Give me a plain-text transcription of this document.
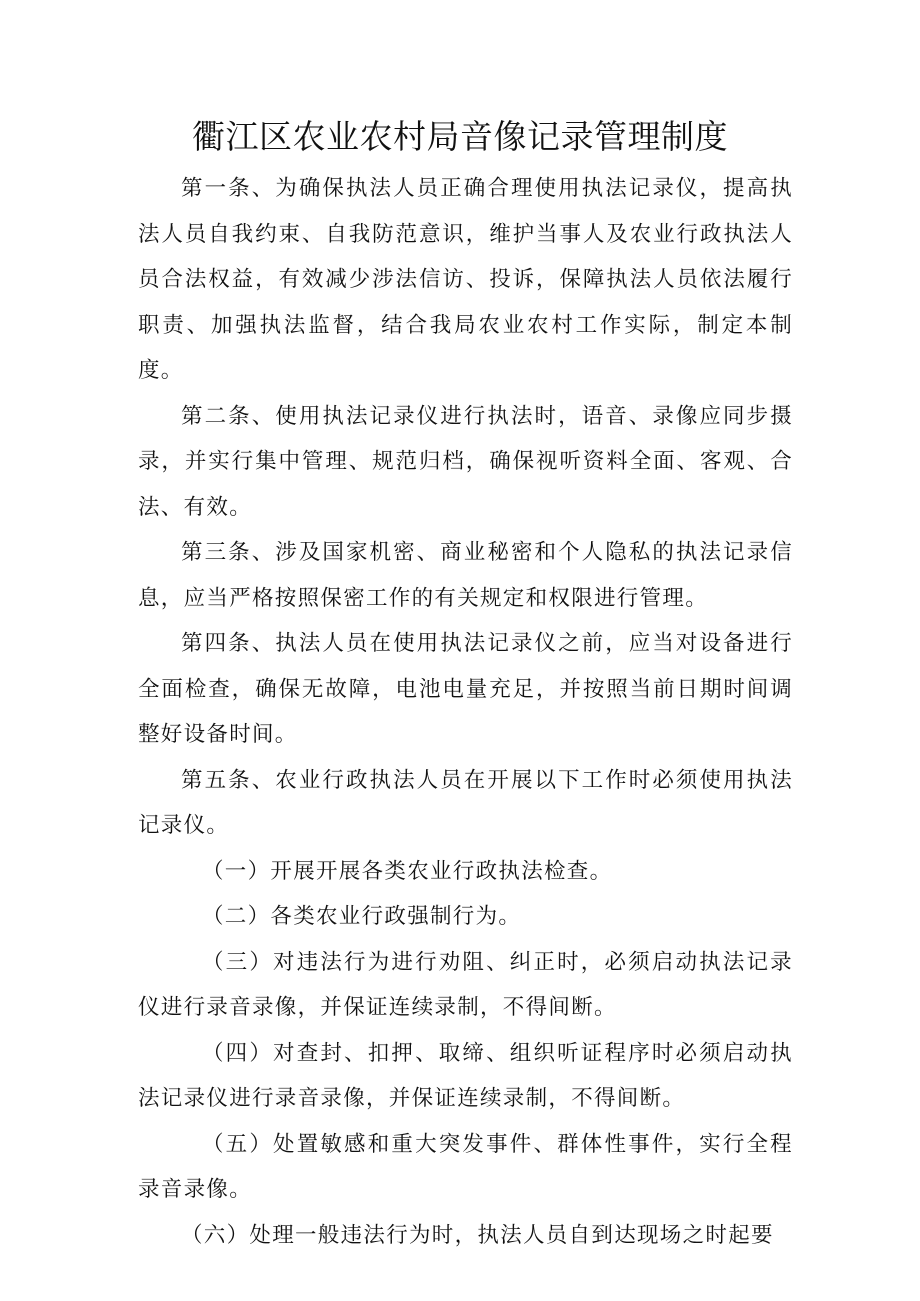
衢江区农业农村局音像记录管理制度

第一条、为确保执法人员正确合理使用执法记录仪，提高执法人员自我约束、自我防范意识，维护当事人及农业行政执法人员合法权益，有效减少涉法信访、投诉，保障执法人员依法履行职责、加强执法监督，结合我局农业农村工作实际，制定本制度。

第二条、使用执法记录仪进行执法时，语音、录像应同步摄录，并实行集中管理、规范归档，确保视听资料全面、客观、合法、有效。

第三条、涉及国家机密、商业秘密和个人隐私的执法记录信息，应当严格按照保密工作的有关规定和权限进行管理。

第四条、执法人员在使用执法记录仪之前，应当对设备进行全面检查，确保无故障，电池电量充足，并按照当前日期时间调整好设备时间。

第五条、农业行政执法人员在开展以下工作时必须使用执法记录仪。

（一）开展开展各类农业行政执法检查。

（二）各类农业行政强制行为。

（三）对违法行为进行劝阻、纠正时，必须启动执法记录仪进行录音录像，并保证连续录制，不得间断。

（四）对查封、扣押、取缔、组织听证程序时必须启动执法记录仪进行录音录像，并保证连续录制，不得间断。

（五）处置敏感和重大突发事件、群体性事件，实行全程录音录像。

（六）处理一般违法行为时，执法人员自到达现场之时起要
